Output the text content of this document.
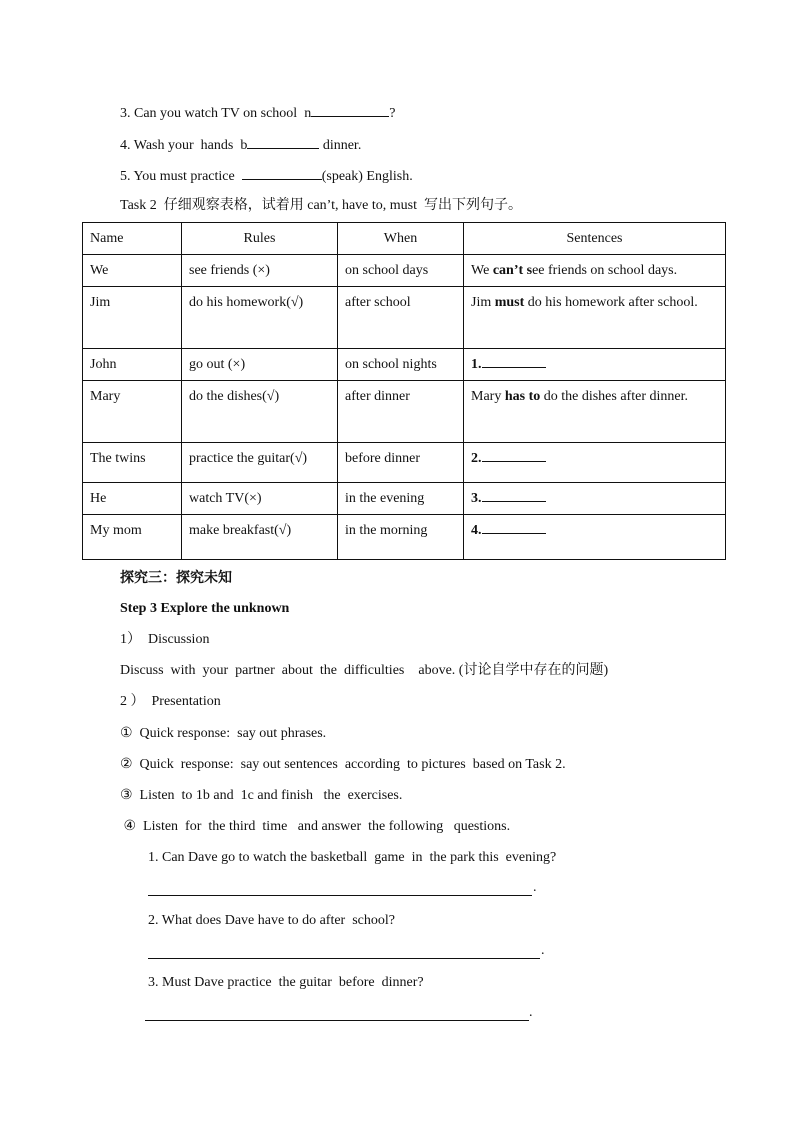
3. Can you watch TV on school  n	?
4. Wash your  hands  b	dinner.
5. You must practice	(speak) English.
Task 2  仔细观察表格，试着用 can’t, have to, must  写出下列句子。
Name	Rules	When	Sentences
We	see friends (×)	on school days	We can’t see friends on school days.
Jim	do his homework(√)	after school	Jim must do his homework after school.
John	go out (×)	on school nights	1.
Mary	do the dishes(√)	after dinner	Mary has to do the dishes after dinner.
The twins	practice the guitar(√)	before dinner	2.
He	watch TV(×)	in the evening	3.
My mom	make breakfast(√)	in the morning	4.
探究三：探究未知
Step 3 Explore the unknown
1）  Discussion
Discuss  with  your  partner  about  the  difficulties    above. (讨论自学中存在的问题)
2 ）  Presentation
①  Quick response:  say out phrases.
②  Quick  response:  say out sentences  according  to pictures  based on Task 2.
③  Listen  to 1b and  1c and finish   the  exercises.
④  Listen  for  the third  time   and answer  the following   questions.
1. Can Dave go to watch the basketball  game  in  the park this  evening?
.
2. What does Dave have to do after  school?
.
3. Must Dave practice  the guitar  before  dinner?
.
